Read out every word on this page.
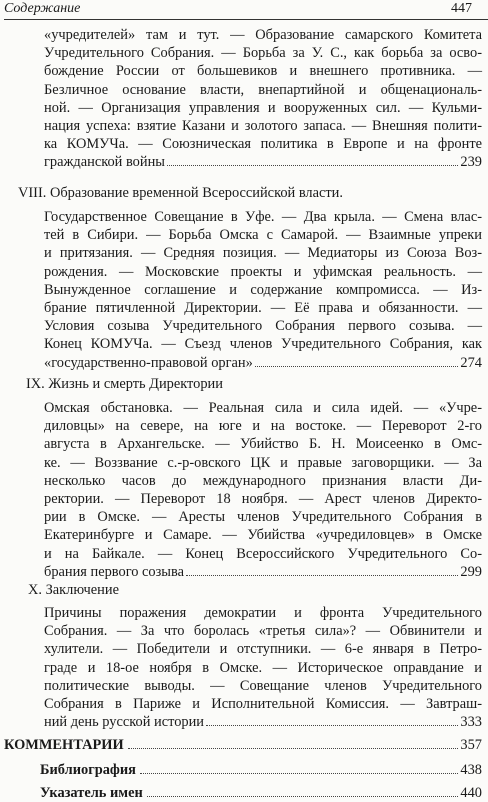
Содержание	447
«учредителей» там и тут. — Образование самарского Комитета
Учредительного Собрания. — Борьба за У. С., как борьба за осво-
бождение России от большевиков и внешнего противника. —
Безличное основание власти, внепартийной и общенациональ-
ной. — Организация управления и вооруженных сил. — Кульми-
нация успеха: взятие Казани и золотого запаса. — Внешняя полити-
ка КОМУЧа. — Союзническая политика в Европе и на фронте
гражданской войны	239
VIII. Образование временной Всероссийской власти.
Государственное Совещание в Уфе. — Два крыла. — Смена влас-
тей в Сибири. — Борьба Омска с Самарой. — Взаимные упреки
и притязания. — Средняя позиция. — Медиаторы из Союза Воз-
рождения. — Московские проекты и уфимская реальность. —
Вынужденное соглашение и содержание компромисса. — Из-
брание пятичленной Директории. — Её права и обязанности. —
Условия созыва Учредительного Собрания первого созыва. —
Конец КОМУЧа. — Съезд членов Учредительного Собрания, как
«государственно-правовой орган»	274
IX. Жизнь и смерть Директории
Омская обстановка. — Реальная сила и сила идей. — «Учре-
диловцы» на севере, на юге и на востоке. — Переворот 2-го
августа в Архангельске. — Убийство Б. Н. Моисеенко в Омс-
ке. — Воззвание с.-р-овского ЦК и правые заговорщики. — За
несколько часов до международного признания власти Ди-
ректории. — Переворот 18 ноября. — Арест членов Директо-
рии в Омске. — Аресты членов Учредительного Собрания в
Екатеринбурге и Самаре. — Убийства «учредиловцев» в Омске
и на Байкале. — Конец Всероссийского Учредительного Со-
брания первого созыва	299
X. Заключение
Причины поражения демократии и фронта Учредительного
Собрания. — За что боролась «третья сила»? — Обвинители и
хулители. — Победители и отступники. — 6-е января в Петро-
граде и 18-ое ноября в Омске. — Историческое оправдание и
политические выводы. — Совещание членов Учредительного
Собрания в Париже и Исполнительной Комиссия. — Завтраш-
ний день русской истории	333
КОММЕНТАРИИ	357
Библиография	438
Указатель имен	440
